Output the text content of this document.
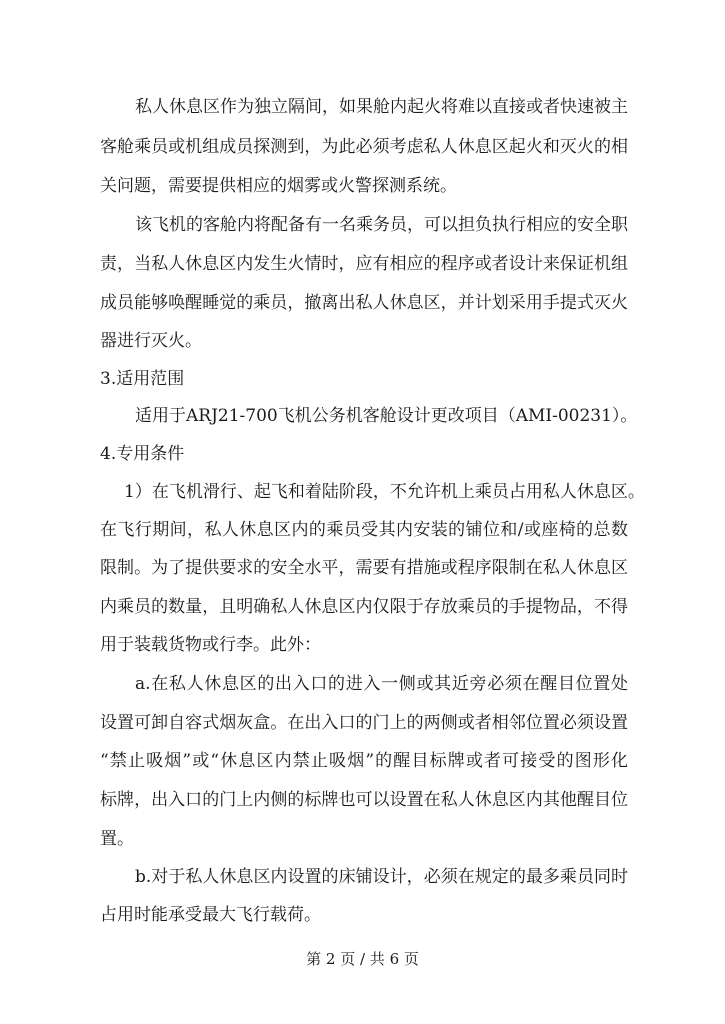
私人休息区作为独立隔间，如果舱内起火将难以直接或者快速被主
客舱乘员或机组成员探测到，为此必须考虑私人休息区起火和灭火的相
关问题，需要提供相应的烟雾或火警探测系统。
该飞机的客舱内将配备有一名乘务员，可以担负执行相应的安全职
责，当私人休息区内发生火情时，应有相应的程序或者设计来保证机组
成员能够唤醒睡觉的乘员，撤离出私人休息区，并计划采用手提式灭火
器进行灭火。
3.适用范围
适用于ARJ21-700飞机公务机客舱设计更改项目（AMI-00231）。
4.专用条件
1）在飞机滑行、起飞和着陆阶段，不允许机上乘员占用私人休息区。
在飞行期间，私人休息区内的乘员受其内安装的铺位和/或座椅的总数
限制。为了提供要求的安全水平，需要有措施或程序限制在私人休息区
内乘员的数量，且明确私人休息区内仅限于存放乘员的手提物品，不得
用于装载货物或行李。此外：
a.在私人休息区的出入口的进入一侧或其近旁必须在醒目位置处
设置可卸自容式烟灰盒。在出入口的门上的两侧或者相邻位置必须设置
“禁止吸烟”或“休息区内禁止吸烟”的醒目标牌或者可接受的图形化
标牌，出入口的门上内侧的标牌也可以设置在私人休息区内其他醒目位
置。
b.对于私人休息区内设置的床铺设计，必须在规定的最多乘员同时
占用时能承受最大飞行载荷。
第 2 页 / 共 6 页
